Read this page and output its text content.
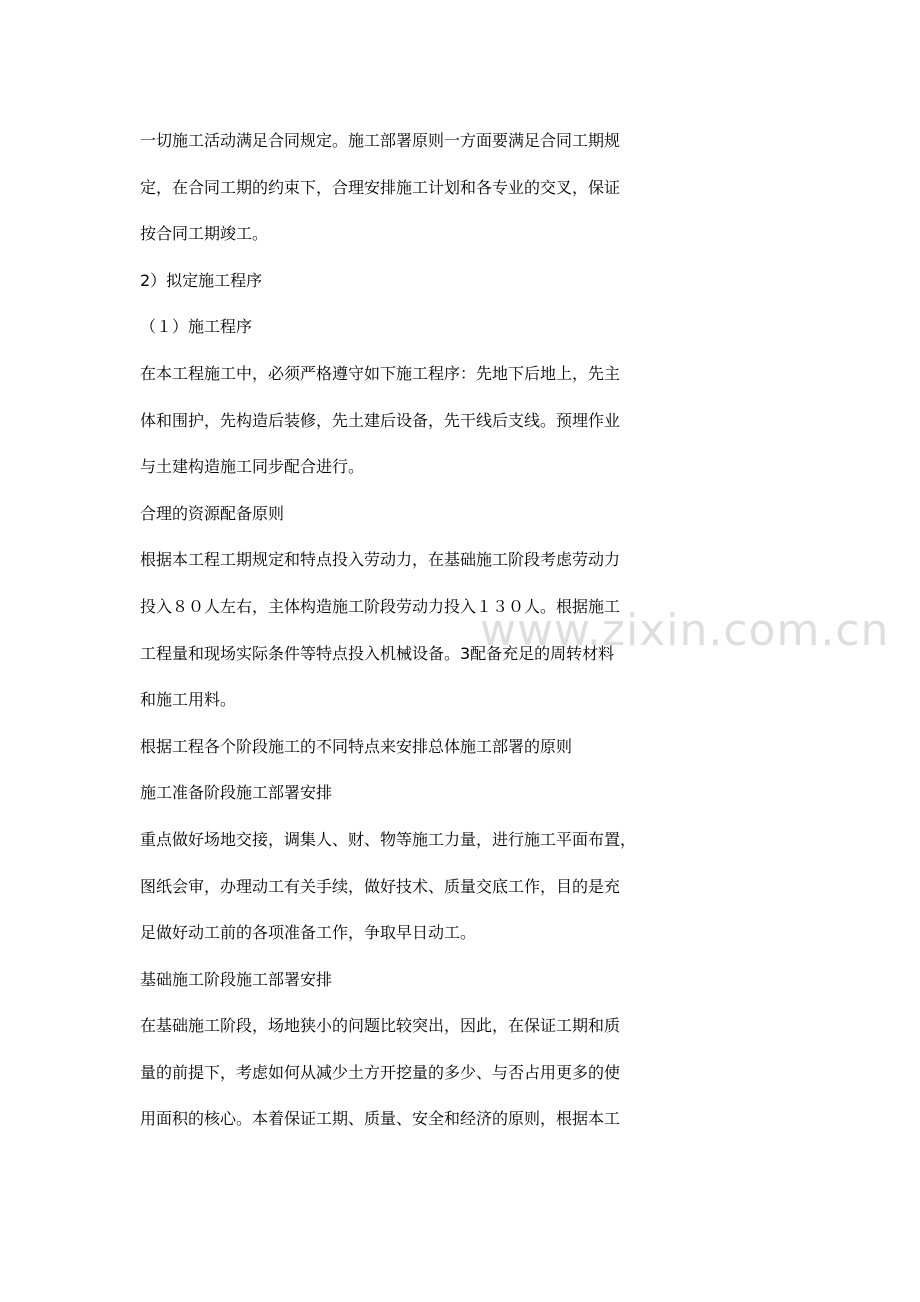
一切施工活动满足合同规定。施工部署原则一方面要满足合同工期规
定，在合同工期的约束下，合理安排施工计划和各专业的交叉，保证
按合同工期竣工。
2）拟定施工程序
（１）施工程序
在本工程施工中，必须严格遵守如下施工程序：先地下后地上，先主
体和围护，先构造后装修，先土建后设备，先干线后支线。预埋作业
与土建构造施工同步配合进行。
合理的资源配备原则
根据本工程工期规定和特点投入劳动力，在基础施工阶段考虑劳动力
投入８０人左右，主体构造施工阶段劳动力投入１３０人。根据施工
工程量和现场实际条件等特点投入机械设备。3配备充足的周转材料
和施工用料。
根据工程各个阶段施工的不同特点来安排总体施工部署的原则
施工准备阶段施工部署安排
重点做好场地交接，调集人、财、物等施工力量，进行施工平面布置，
图纸会审，办理动工有关手续，做好技术、质量交底工作，目的是充
足做好动工前的各项准备工作，争取早日动工。
基础施工阶段施工部署安排
在基础施工阶段，场地狭小的问题比较突出，因此，在保证工期和质
量的前提下，考虑如何从减少土方开挖量的多少、与否占用更多的使
用面积的核心。本着保证工期、质量、安全和经济的原则，根据本工
www.zixin.com.cn
